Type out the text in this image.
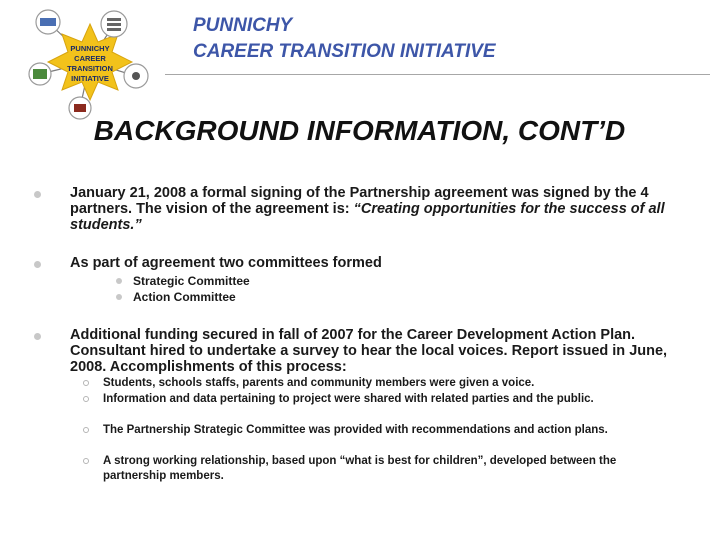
PUNNICHY
CAREER
TRANSITION
INITIATIVE
PUNNICHY
CAREER TRANSITION INITIATIVE
BACKGROUND INFORMATION, CONT’D
January 21, 2008 a formal signing of the Partnership agreement was signed by the 4 partners. The vision of the agreement is: “Creating opportunities for the success of all students.”
As part of agreement two committees formed
Strategic Committee
Action Committee
Additional funding secured in fall of 2007 for the Career Development Action Plan. Consultant hired to undertake a survey to hear the local voices. Report issued in June, 2008. Accomplishments of this process:
Students, schools staffs, parents and community members were given a voice.
Information and data pertaining to project were shared with related parties and the public.
The Partnership Strategic Committee was provided with recommendations and action plans.
A strong working relationship, based upon “what is best for children”, developed between the partnership members.
